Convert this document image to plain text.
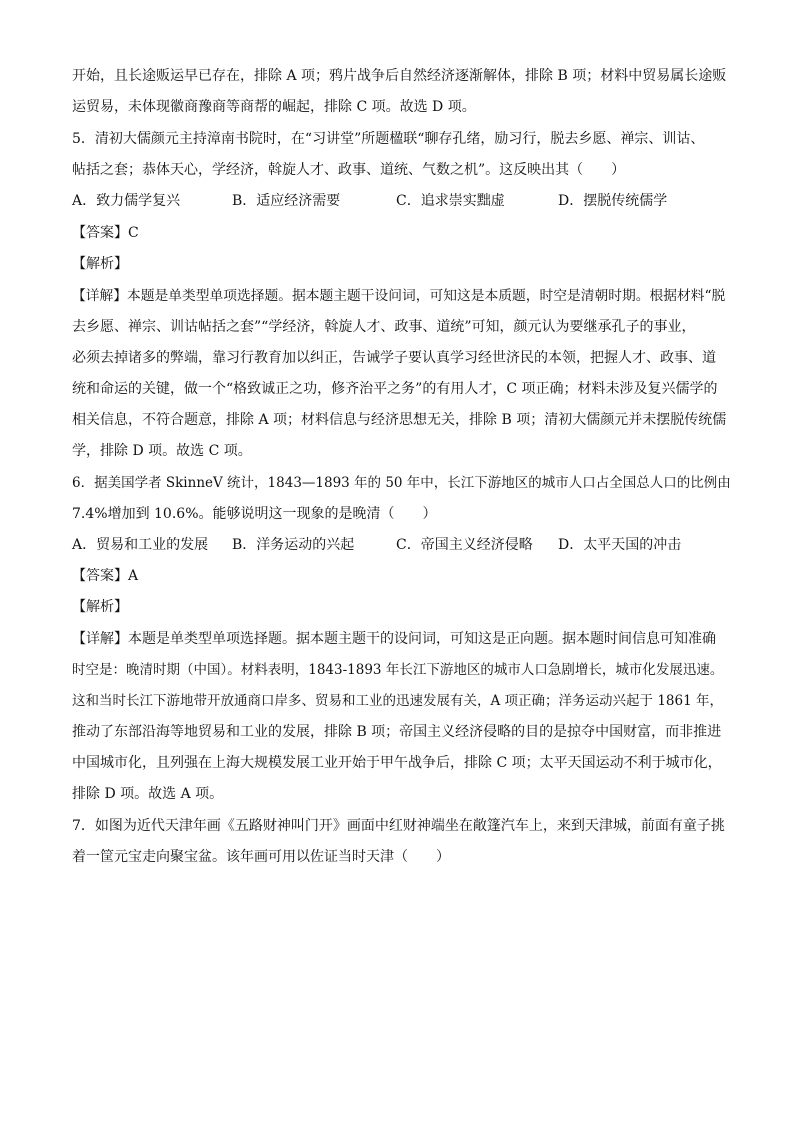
开始，且长途贩运早已存在，排除 A 项；鸦片战争后自然经济逐渐解体，排除 B 项；材料中贸易属长途贩
运贸易，未体现徽商豫商等商帮的崛起，排除 C 项。故选 D 项。
5．清初大儒颜元主持漳南书院时，在“习讲堂”所题楹联“聊存孔绪，励习行，脱去乡愿、禅宗、训诂、
帖括之套；恭体天心，学经济，斡旋人才、政事、道统、气数之机”。这反映出其（　　）
A．致力儒学复兴	B．适应经济需要	C．追求崇实黜虚	D．摆脱传统儒学
【答案】C
【解析】
【详解】本题是单类型单项选择题。据本题主题干设问词，可知这是本质题，时空是清朝时期。根据材料“脱
去乡愿、禅宗、训诂帖括之套”“学经济，斡旋人才、政事、道统”可知，颜元认为要继承孔子的事业，
必须去掉诸多的弊端，靠习行教育加以纠正，告诫学子要认真学习经世济民的本领，把握人才、政事、道
统和命运的关键，做一个“格致诚正之功，修齐治平之务”的有用人才，C 项正确；材料未涉及复兴儒学的
相关信息，不符合题意，排除 A 项；材料信息与经济思想无关，排除 B 项；清初大儒颜元并未摆脱传统儒
学，排除 D 项。故选 C 项。
6．据美国学者 SkinneV 统计，1843—1893 年的 50 年中，长江下游地区的城市人口占全国总人口的比例由
7.4%增加到 10.6%。能够说明这一现象的是晚清（　　）
A．贸易和工业的发展 B．洋务运动的兴起	C．帝国主义经济侵略 D．太平天国的冲击
【答案】A
【解析】
【详解】本题是单类型单项选择题。据本题主题干的设问词，可知这是正向题。据本题时间信息可知准确
时空是：晚清时期（中国）。材料表明，1843-1893 年长江下游地区的城市人口急剧增长，城市化发展迅速。
这和当时长江下游地带开放通商口岸多、贸易和工业的迅速发展有关，A 项正确；洋务运动兴起于 1861 年，
推动了东部沿海等地贸易和工业的发展，排除 B 项；帝国主义经济侵略的目的是掠夺中国财富，而非推进
中国城市化，且列强在上海大规模发展工业开始于甲午战争后，排除 C 项；太平天国运动不利于城市化，
排除 D 项。故选 A 项。
7．如图为近代天津年画《五路财神叫门开》画面中红财神端坐在敞篷汽车上，来到天津城，前面有童子挑
着一筐元宝走向聚宝盆。该年画可用以佐证当时天津（　　）
